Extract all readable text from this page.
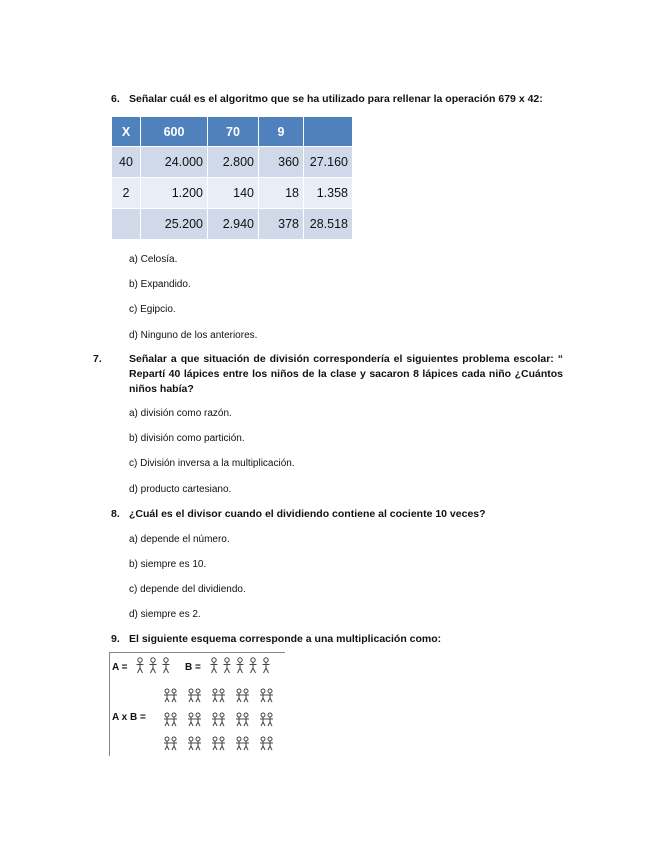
6. Señalar cuál es el algoritmo que se ha utilizado para rellenar la operación 679 x 42:
X	600	70	9	
40	24.000	2.800	360	27.160
2	1.200	140	18	1.358
	25.200	2.940	378	28.518
a) Celosía.
b) Expandido.
c) Egipcio.
d) Ninguno de los anteriores.
7.	Señalar a que situación de división correspondería el siguientes problema escolar: “ Repartí 40 lápices entre los niños de la clase y sacaron 8 lápices cada niño ¿Cuántos niños había?
a) división como razón.
b) división como partición.
c) División inversa a la multiplicación.
d) producto cartesiano.
8. ¿Cuál es el divisor cuando el dividiendo contiene al cociente 10 veces?
a) depende el número.
b) siempre es 10.
c) depende del dividiendo.
d) siempre es 2.
9. El siguiente esquema corresponde a una multiplicación como:
A =	B =
A x B =
